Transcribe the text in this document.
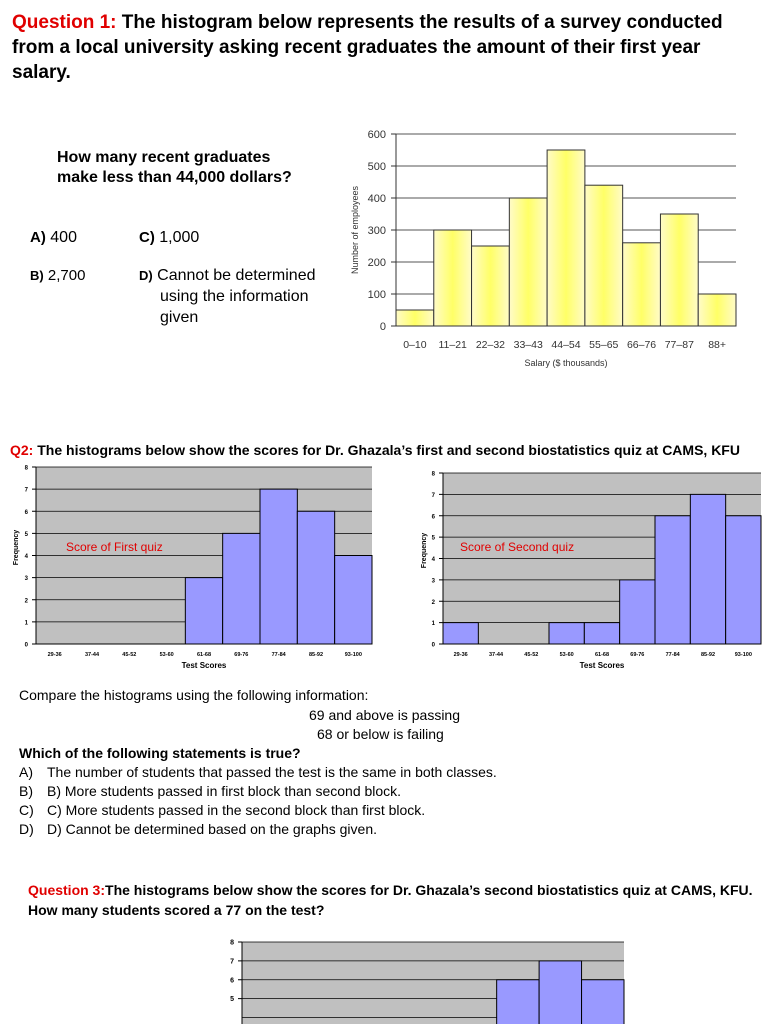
Question 1: The histogram below represents the results of a survey conducted from a local university asking recent graduates the amount of their first year salary.
How many recent graduates
make less than 44,000 dollars?
A) 400	C) 1,000
B) 2,700	D) Cannot be determined
using the information
given
0
100
200
300
400
500
600
0–10 11–21 22–32 33–43 44–54 55–65 66–76 77–87 88+
Salary ($ thousands)
Number of employees
Q2: The histograms below show the scores for Dr. Ghazala’s first and second biostatistics quiz at CAMS, KFU
0
1
2
3
4
5
6
7
8
29-36	37-44	45-52	53-60	61-68	69-76	77-84	85-92	93-100
Test Scores
Frequency	Score of First quiz
0
1
2
3
4
5
6
7
8
29-36	37-44	45-52	53-60	61-68	69-76	77-84	85-92	93-100
Test Scores
Frequency	Score of Second quiz
Compare the histograms using the following information:
69 and above is passing
68 or below is failing
Which of the following statements is true?
A)	The number of students that passed the test is the same in both classes.
B)	B) More students passed in first block than second block.
C) C) More students passed in the second block than first block.
D) D) Cannot be determined based on the graphs given.
Question 3:The histograms below show the scores for Dr. Ghazala’s second biostatistics quiz at CAMS, KFU. How many students scored a 77 on the test?
5
6
7
8
